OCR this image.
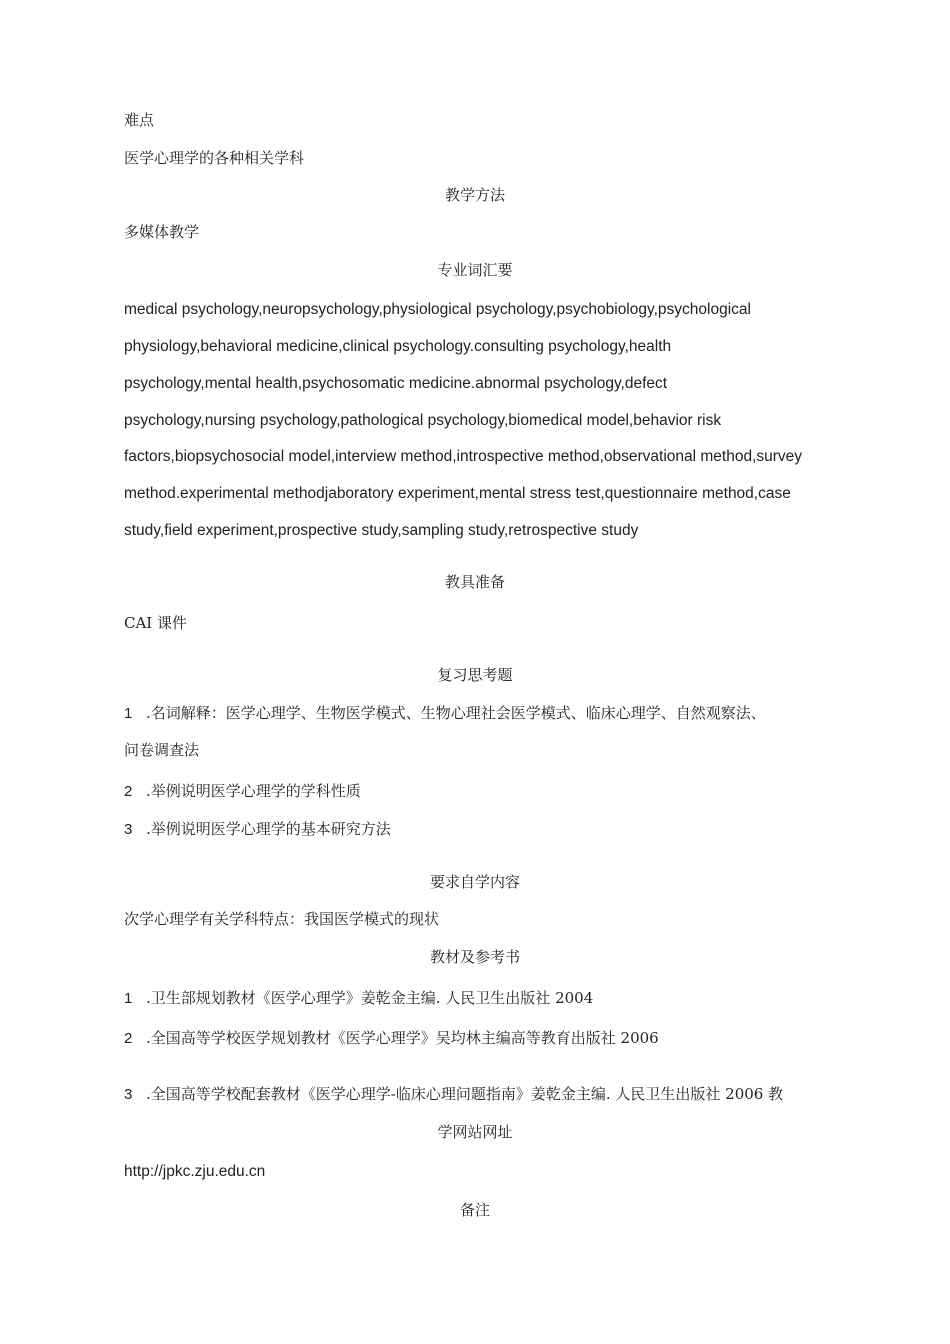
难点
医学心理学的各种相关学科
教学方法
多媒体教学
专业词汇要
medical psychology,neuropsychology,physiological psychology,psychobiology,psychological
physiology,behavioral medicine,clinical psychology.consulting psychology,health
psychology,mental health,psychosomatic medicine.abnormal psychology,defect
psychology,nursing psychology,pathological psychology,biomedical model,behavior risk
factors,biopsychosocial model,interview method,introspective method,observational method,survey
method.experimental methodjaboratory experiment,mental stress test,questionnaire method,case
study,field experiment,prospective study,sampling study,retrospective study
教具准备
CAI 课件
复习思考题
1 .名词解释：医学心理学、生物医学模式、生物心理社会医学模式、临床心理学、自然观察法、
问卷调查法
2 .举例说明医学心理学的学科性质
3 .举例说明医学心理学的基本研究方法
要求自学内容
次学心理学有关学科特点：我国医学模式的现状
教材及参考书
1 .卫生部规划教材《医学心理学》姜乾金主编. 人民卫生出版社 2004
2 .全国高等学校医学规划教材《医学心理学》吴均林主编高等教育出版社 2006
3 .全国高等学校配套教材《医学心理学-临床心理问题指南》姜乾金主编. 人民卫生出版社 2006 教
学网站网址
http://jpkc.zju.edu.cn
备注
